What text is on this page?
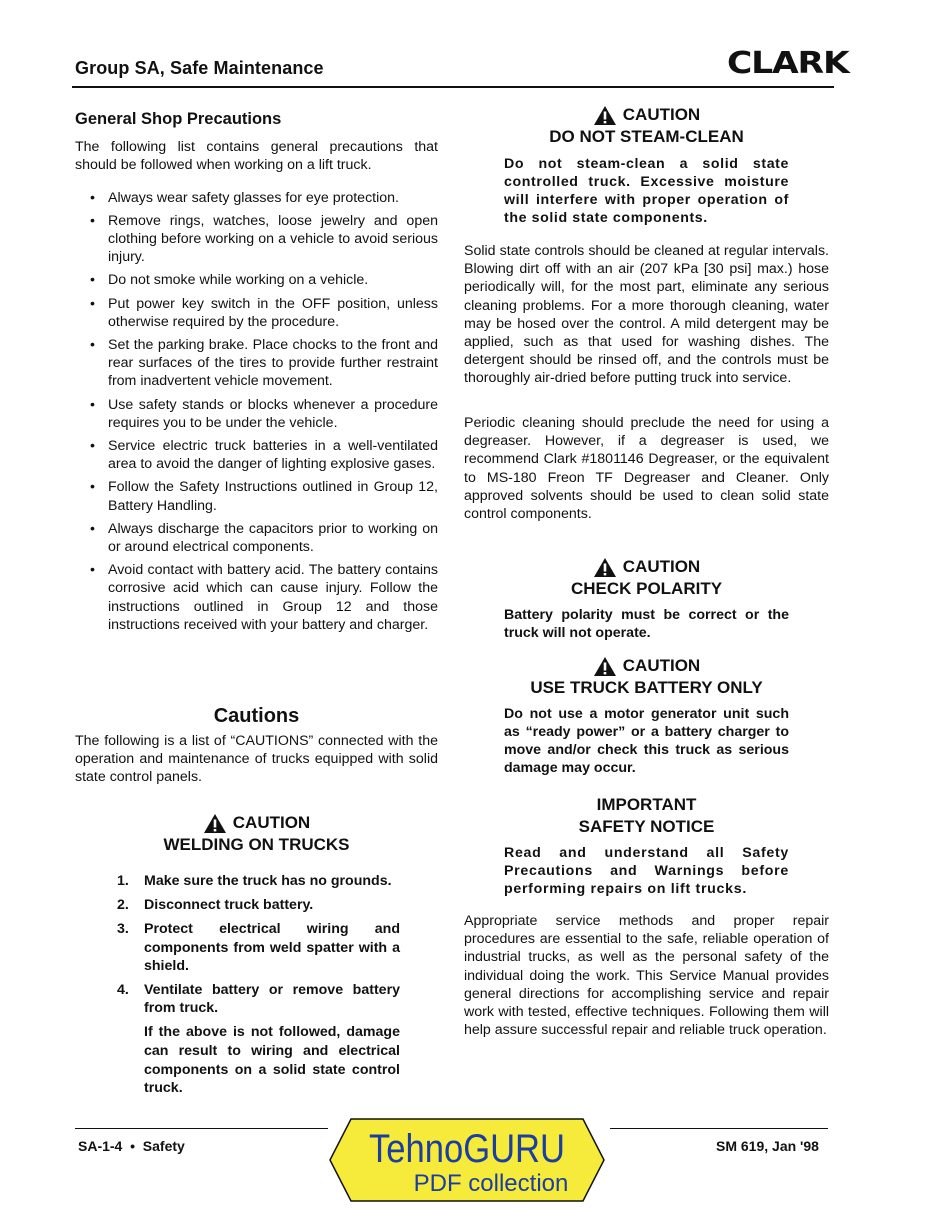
Group SA, Safe Maintenance	CLARK
General Shop Precautions
The following list contains general precautions that should be followed when working on a lift truck.
• Always wear safety glasses for eye protection.
• Remove rings, watches, loose jewelry and open clothing before working on a vehicle to avoid serious injury.
• Do not smoke while working on a vehicle.
• Put power key switch in the OFF position, unless otherwise required by the procedure.
• Set the parking brake. Place chocks to the front and rear surfaces of the tires to provide further restraint from inadvertent vehicle movement.
• Use safety stands or blocks whenever a procedure requires you to be under the vehicle.
• Service electric truck batteries in a well-ventilated area to avoid the danger of lighting explosive gases.
• Follow the Safety Instructions outlined in Group 12, Battery Handling.
• Always discharge the capacitors prior to working on or around electrical components.
• Avoid contact with battery acid. The battery contains corrosive acid which can cause injury. Follow the instructions outlined in Group 12 and those instructions received with your battery and charger.
Cautions
The following is a list of “CAUTIONS” connected with the operation and maintenance of trucks equipped with solid state control panels.
CAUTION
WELDING ON TRUCKS
1. Make sure the truck has no grounds.
2. Disconnect truck battery.
3. Protect electrical wiring and components from weld spatter with a shield.
4. Ventilate battery or remove battery from truck.
If the above is not followed, damage can result to wiring and electrical components on a solid state control truck.
CAUTION
DO NOT STEAM-CLEAN
Do not steam-clean a solid state controlled truck. Excessive moisture will interfere with proper operation of the solid state components.
Solid state controls should be cleaned at regular intervals. Blowing dirt off with an air (207 kPa [30 psi] max.) hose periodically will, for the most part, eliminate any serious cleaning problems. For a more thorough cleaning, water may be hosed over the control. A mild detergent may be applied, such as that used for washing dishes. The detergent should be rinsed off, and the controls must be thoroughly air-dried before putting truck into service.
Periodic cleaning should preclude the need for using a degreaser. However, if a degreaser is used, we recommend Clark #1801146 Degreaser, or the equivalent to MS-180 Freon TF Degreaser and Cleaner. Only approved solvents should be used to clean solid state control components.
CAUTION
CHECK POLARITY
Battery polarity must be correct or the truck will not operate.
CAUTION
USE TRUCK BATTERY ONLY
Do not use a motor generator unit such as “ready power” or a battery charger to move and/or check this truck as serious damage may occur.
IMPORTANT
SAFETY NOTICE
Read and understand all Safety Precautions and Warnings before performing repairs on lift trucks.
Appropriate service methods and proper repair procedures are essential to the safe, reliable operation of industrial trucks, as well as the personal safety of the individual doing the work. This Service Manual provides general directions for accomplishing service and repair work with tested, effective techniques. Following them will help assure successful repair and reliable truck operation.
SA-1-4  •  Safety	SM 619, Jan '98
TehnoGURU
PDF collection
